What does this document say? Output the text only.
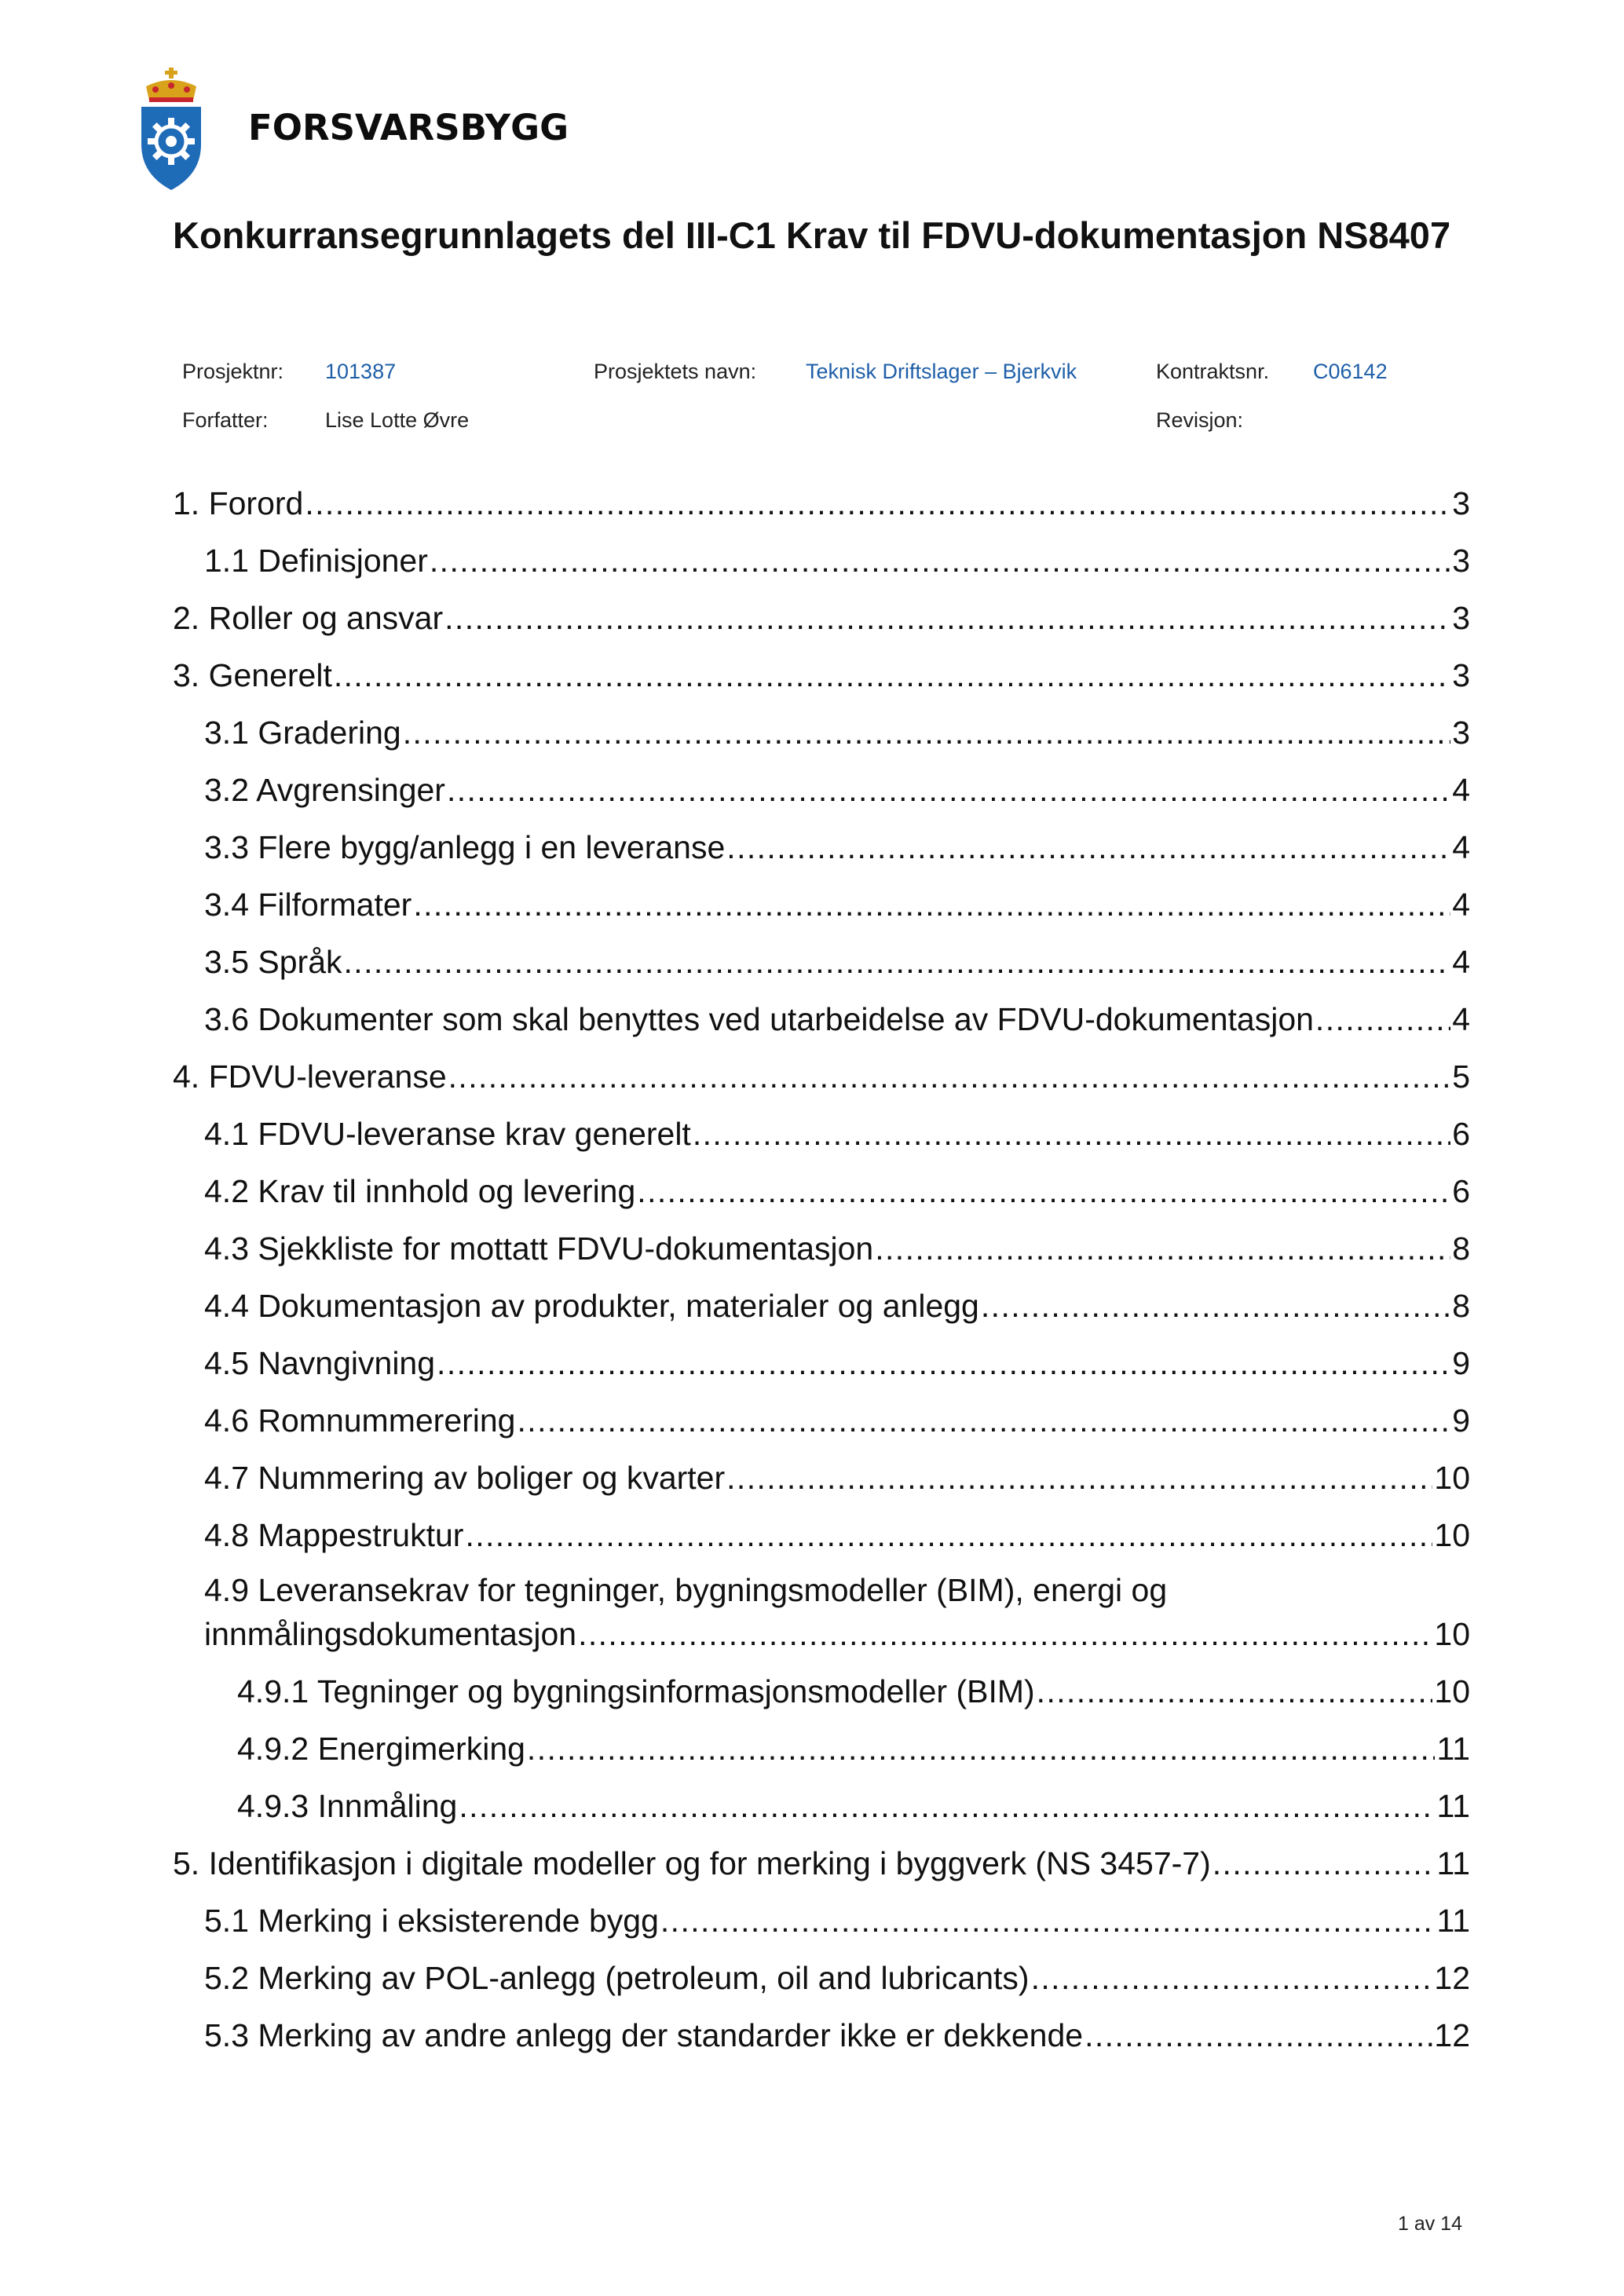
FORSVARSBYGG
Konkurransegrunnlagets del III-C1 Krav til FDVU-dokumentasjon NS8407
Prosjektnr: 101387	Prosjektets navn: Teknisk Driftslager – Bjerkvik	Kontraktsnr. C06142
Forfatter:	Lise Lotte Øvre	Revisjon:
1. Forord . . .	3
1.1 Definisjoner . . .	3
2. Roller og ansvar . . .	3
3. Generelt . . .	3
3.1 Gradering . . .	3
3.2 Avgrensinger . . .	4
3.3 Flere bygg/anlegg i en leveranse . . .	4
3.4 Filformater . . .	4
3.5 Språk . . .	4
3.6 Dokumenter som skal benyttes ved utarbeidelse av FDVU-dokumentasjon . . .	4
4. FDVU-leveranse . . .	5
4.1 FDVU-leveranse krav generelt . . .	6
4.2 Krav til innhold og levering . . .	6
4.3 Sjekkliste for mottatt FDVU-dokumentasjon . . .	8
4.4 Dokumentasjon av produkter, materialer og anlegg . . .	8
4.5 Navngivning . . .	9
4.6 Romnummerering . . .	9
4.7 Nummering av boliger og kvarter . . .	10
4.8 Mappestruktur . . .	10
4.9 Leveransekrav for tegninger, bygningsmodeller (BIM), energi og
innmålingsdokumentasjon . . .	10
4.9.1 Tegninger og bygningsinformasjonsmodeller (BIM) . . .	10
4.9.2 Energimerking . . .	11
4.9.3 Innmåling . . .	11
5. Identifikasjon i digitale modeller og for merking i byggverk (NS 3457-7) . . .	11
5.1 Merking i eksisterende bygg . . .	11
5.2 Merking av POL-anlegg (petroleum, oil and lubricants) . . .	12
5.3 Merking av andre anlegg der standarder ikke er dekkende . . .	12
1 av 14
